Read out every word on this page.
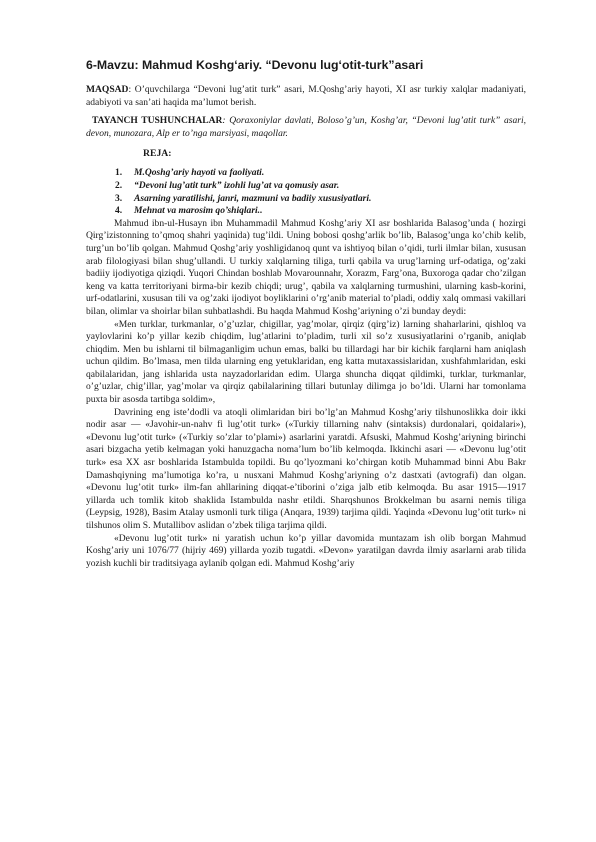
6-Mavzu: Mahmud Koshg‘ariy. “Devonu lug‘otit-turk”asari

MAQSAD: O’quvchilarga “Devoni lug’atit turk” asari, M.Qoshg’ariy hayoti, XI asr turkiy xalqlar madaniyati, adabiyoti va san’ati haqida ma’lumot berish.

TAYANCH TUSHUNCHALAR: Qoraxoniylar davlati, Boloso’g’un, Koshg’ar, “Devoni lug’atit turk” asari, devon, munozara, Alp er to’nga marsiyasi, maqollar.

REJA:
1. M.Qoshg’ariy hayoti va faoliyati.
2. “Devoni lug’atit turk” izohli lug’at va qomusiy asar.
3. Asarning yaratilishi, janri, mazmuni va badiiy xususiyatlari.
4. Mehnat va marosim qo’shiqlari..

Mahmud ibn-ul-Husayn ibn Muhammadil Mahmud Koshg’ariy XI asr boshlarida Balasog’unda ( hozirgi Qirg’izistonning to’qmoq shahri yaqinida) tug’ildi. Uning bobosi qoshg’arlik bo’lib, Balasog’unga ko’chib kelib, turg’un bo’lib qolgan. Mahmud Qoshg’ariy yoshligidanoq qunt va ishtiyoq bilan o’qidi, turli ilmlar bilan, xususan arab filologiyasi bilan shug’ullandi. U turkiy xalqlarning tiliga, turli qabila va urug’larning urf-odatiga, og’zaki badiiy ijodiyotiga qiziqdi. Yuqori Chindan boshlab Movarounnahr, Xorazm, Farg’ona, Buxoroga qadar cho’zilgan keng va katta territoriyani birma-bir kezib chiqdi; urug’, qabila va xalqlarning turmushini, ularning kasb-korini, urf-odatlarini, xususan tili va og’zaki ijodiyot boyliklarini o’rg’anib material to’pladi, oddiy xalq ommasi vakillari bilan, olimlar va shoirlar bilan suhbatlashdi. Bu haqda Mahmud Koshg’ariyning o’zi bunday deydi:

«Men turklar, turkmanlar, o’g’uzlar, chigillar, yag’molar, qirqiz (qirg’iz) larning shaharlarini, qishloq va yaylovlarini ko’p yillar kezib chiqdim, lug’atlarini to’pladim, turli xil so’z xususiyatlarini o’rganib, aniqlab chiqdim. Men bu ishlarni til bilmaganligim uchun emas, balki bu tillardagi har bir kichik farqlarni ham aniqlash uchun qildim. Bo’lmasa, men tilda ularning eng yetuklaridan, eng katta mutaxassislaridan, xushfahmlaridan, eski qabilalaridan, jang ishlarida usta nayzadorlaridan edim. Ularga shuncha diqqat qildimki, turklar, turkmanlar, o’g’uzlar, chig’illar, yag’molar va qirqiz qabilalarining tillari butunlay dilimga jo bo’ldi. Ularni har tomonlama puxta bir asosda tartibga soldim»,

Davrining eng iste’dodli va atoqli olimlaridan biri bo’lg’an Mahmud Koshg’ariy tilshunoslikka doir ikki nodir asar — «Javohir-un-nahv fi lug’otit turk» («Turkiy tillarning nahv (sintaksis) durdonalari, qoidalari»), «Devonu lug’otit turk» («Turkiy so’zlar to’plami») asarlarini yaratdi. Afsuski, Mahmud Koshg’ariyning birinchi asari bizgacha yetib kelmagan yoki hanuzgacha noma’lum bo’lib kelmoqda. Ikkinchi asari — «Devonu lug’otit turk» esa XX asr boshlarida Istambulda topildi. Bu qo’lyozmani ko’chirgan kotib Muhammad binni Abu Bakr Damashqiyning ma’lumotiga ko’ra, u nusxani Mahmud Koshg’ariyning o’z dastxati (avtografi) dan olgan. «Devonu lug’otit turk» ilm-fan ahllarining diqqat-e’tiborini o’ziga jalb etib kelmoqda. Bu asar 1915—1917 yillarda uch tomlik kitob shaklida Istambulda nashr etildi. Sharqshunos Brokkelman bu asarni nemis tiliga (Leypsig, 1928), Basim Atalay usmonli turk tiliga (Anqara, 1939) tarjima qildi. Yaqinda «Devonu lug’otit turk» ni tilshunos olim S. Mutallibov aslidan o’zbek tiliga tarjima qildi.

«Devonu lug’otit turk» ni yaratish uchun ko’p yillar davomida muntazam ish olib borgan Mahmud Koshg’ariy uni 1076/77 (hijriy 469) yillarda yozib tugatdi. «Devon» yaratilgan davrda ilmiy asarlarni arab tilida yozish kuchli bir traditsiyaga aylanib qolgan edi. Mahmud Koshg’ariy
